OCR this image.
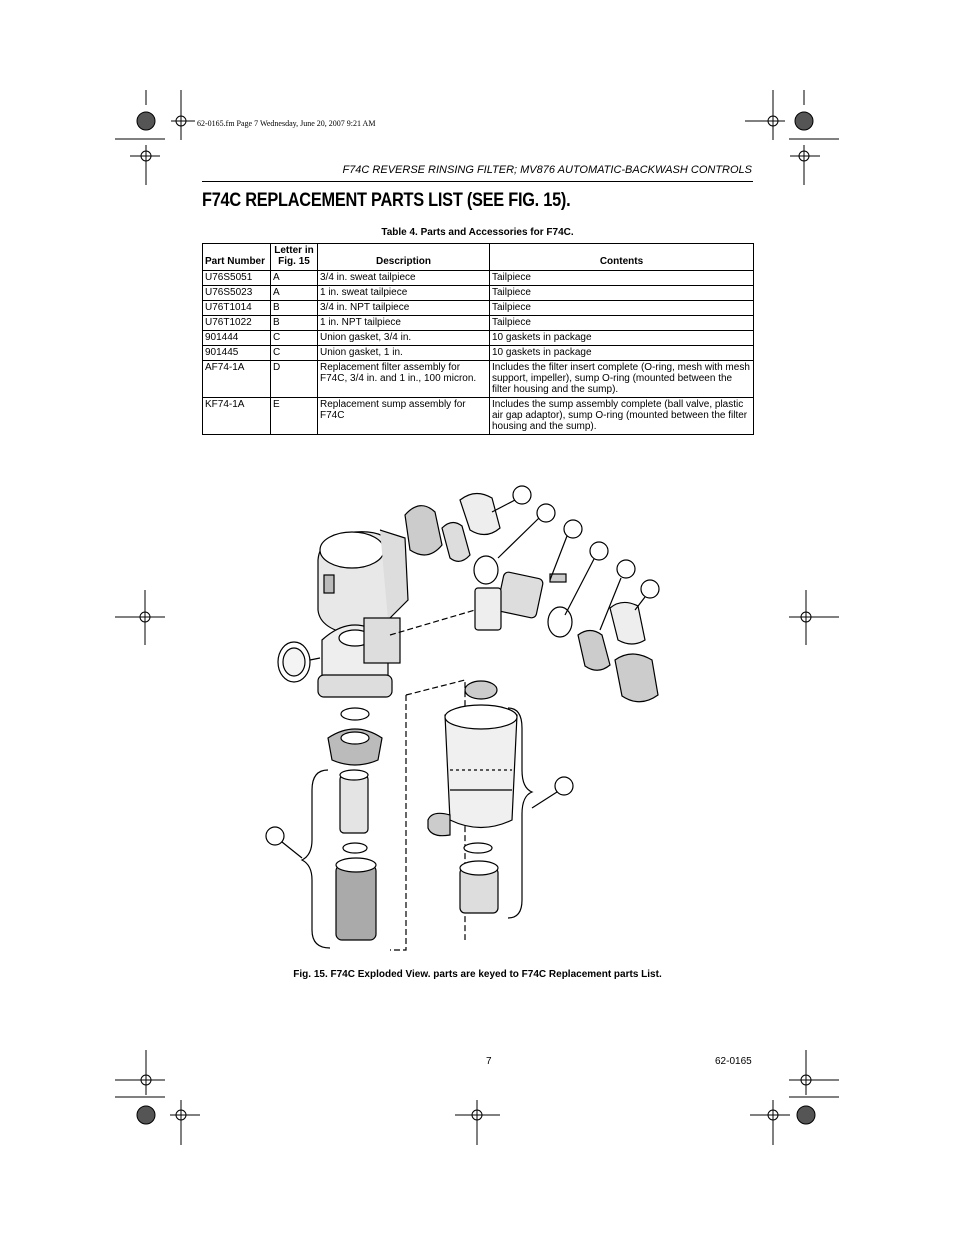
62-0165.fm Page 7 Wednesday, June 20, 2007 9:21 AM
F74C REVERSE RINSING FILTER; MV876 AUTOMATIC-BACKWASH CONTROLS
F74C REPLACEMENT PARTS LIST (SEE FIG. 15).
Table 4. Parts and Accessories for F74C.
Part Number	Letter in Fig. 15	Description	Contents
U76S5051	A	3/4 in. sweat tailpiece	Tailpiece
U76S5023	A	1 in. sweat tailpiece	Tailpiece
U76T1014	B	3/4 in. NPT tailpiece	Tailpiece
U76T1022	B	1 in. NPT tailpiece	Tailpiece
901444	C	Union gasket, 3/4 in.	10 gaskets in package
901445	C	Union gasket, 1 in.	10 gaskets in package
AF74-1A	D	Replacement filter assembly for F74C, 3/4 in. and 1 in., 100 micron.	Includes the filter insert complete (O-ring, mesh with mesh support, impeller), sump O-ring (mounted between the filter housing and the sump).
KF74-1A	E	Replacement sump assembly for F74C	Includes the sump assembly complete (ball valve, plastic air gap adaptor), sump O-ring (mounted between the filter housing and the sump).
Fig. 15. F74C Exploded View. parts are keyed to F74C Replacement parts List.
7	62-0165
